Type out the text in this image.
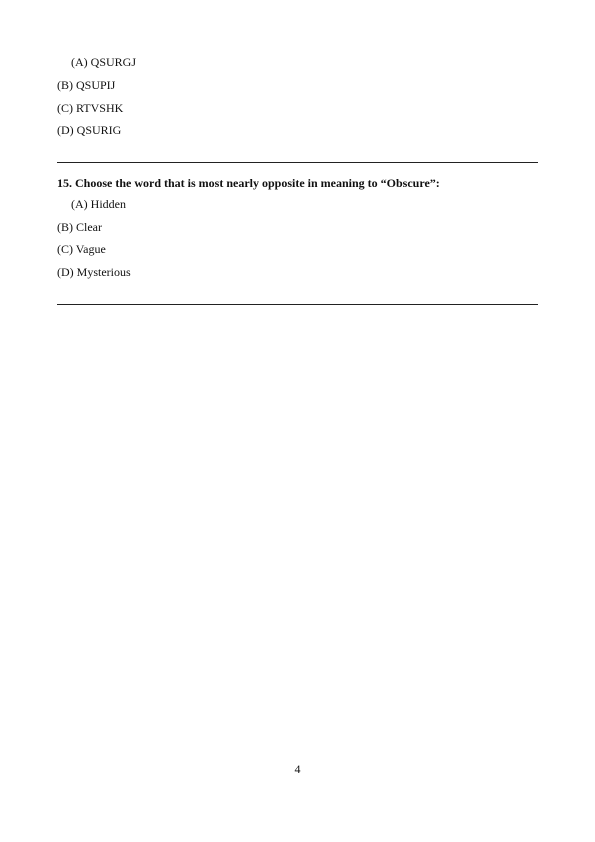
(A) QSURGJ
(B) QSUPIJ
(C) RTVSHK
(D) QSURIG
15. Choose the word that is most nearly opposite in meaning to “Obscure”:
(A) Hidden
(B) Clear
(C) Vague
(D) Mysterious
4
